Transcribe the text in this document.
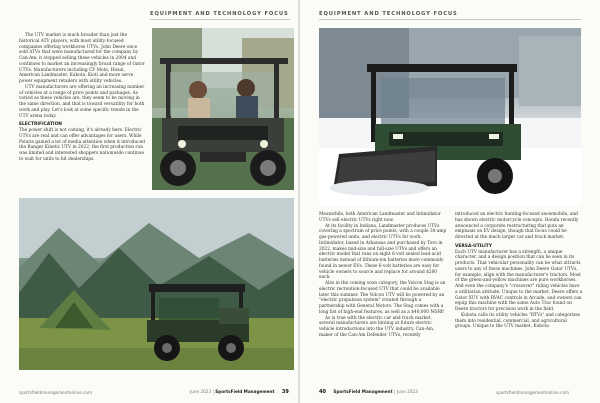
EQUIPMENT AND TECHNOLOGY FOCUS

The UTV market is much broader than just the historical ATV players, with most utility-focused companies offering workhorse UTVs. John Deere once sold ATVs that were manufactured for the company by Can-Am; it stopped selling these vehicles in 2004 and continues to market an increasingly broad range of Gator UTVs. Manufacturers including CF Moto, Hisun, American Landmaster, Kubota, Kioti and more serve power equipment retailers with utility vehicles.

UTV manufacturers are offering an increasing number of vehicles at a range of price points and packages. As varied as these vehicles are, they seem to be moving in the same direction, and that is toward versatility for both work and play. Let's look at some specific trends in the UTV arena today.

ELECTRIFICATION

The power shift is not coming, it's already here. Electric UTVs are real and can offer advantages for users. While Polaris gained a lot of media attention when it introduced the Ranger Kinetic UTV in 2022, the first production run was limited and interested shoppers nationwide continue to wait for units to hit dealerships.

sportsfieldmanagementonline.com	June 2023 | SportsField Management 39
EQUIPMENT AND TECHNOLOGY FOCUS

Meanwhile, both American Landmaster and Intimidator UTVs sell electric UTVs right now.

At its facility in Indiana, Landmaster produces UTVs covering a spectrum of price points, with a couple 30-amp gas-powered units, and electric UTVs for work. Intimidator, based in Arkansas and purchased by Toro in 2022, makes mid-size and full-size UTVs and offers an electric model that runs on eight 6-volt sealed lead-acid batteries instead of lithium-ion batteries more commonly found in newer EVs. These 6-volt batteries are easy for vehicle owners to source and replace for around $200 each.

Also in the coming soon category, the Volcon Stag is an electric recreation-focused UTV that could be available later this summer. The Volcon UTV will be powered by an "electric propulsion system" created through a partnership with General Motors. The Stag comes with a long list of high-end features, as well as a $40,000 MSRP.

As is true with the electric car and truck market, several manufacturers are hinting at future electric vehicle introductions into the UTV industry. Can-Am, maker of the Can-Am Defender UTVs, recently

introduced an electric hunting-focused snowmobile, and has shown electric motorcycle concepts. Honda recently announced a corporate restructuring that puts an emphasis on EV design, though that focus could be directed at the much larger car and truck market.

VERSA-UTILITY

Each UTV manufacturer has a strength, a unique character, and a design position that can be seen in its products. That vehicular personality can be what attracts users to any of these machines. John Deere Gator UTVs, for example, align with the manufacturer's tractors. Most of the green-and-yellow machines are pure workhorses. And even the company's "crossover" riding vehicles have a utilitarian attitude. Unique to the market, Deere offers a Gator XUV with RVAC controls in Arcade, and owners can equip this machine with the same Auto Trac found on Deere tractors for precision work in the field.

Kubota calls its utility vehicles "RTVs" and categorizes them into residential, commercial, and agricultural groups. Unique to the UTV market, Kubota

40 SportsField Management | June 2023	sportsfieldmanagementonline.com
